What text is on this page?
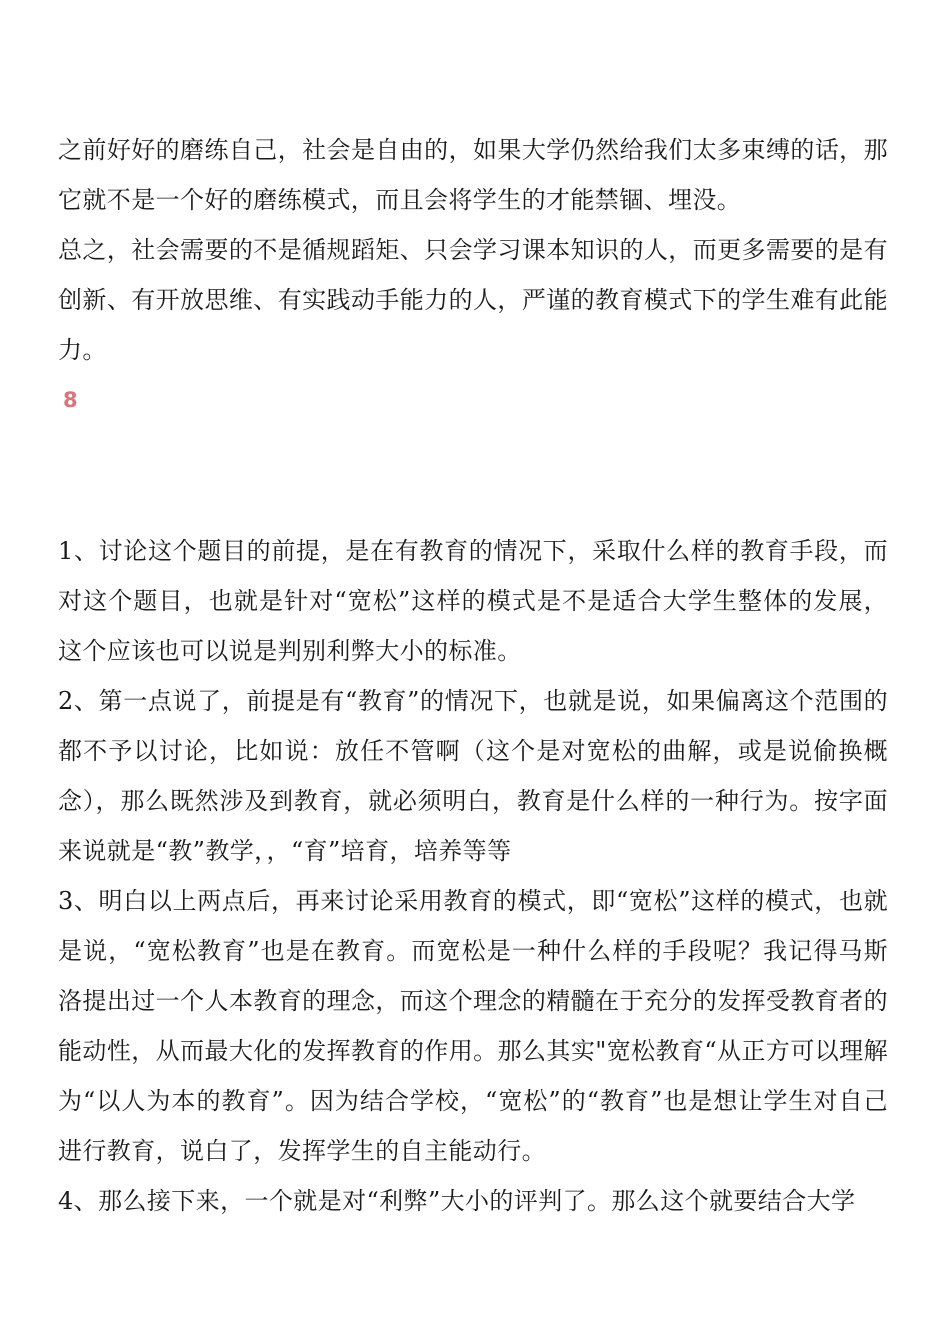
之前好好的磨练自己，社会是自由的，如果大学仍然给我们太多束缚的话，那它就不是一个好的磨练模式，而且会将学生的才能禁锢、埋没。

总之，社会需要的不是循规蹈矩、只会学习课本知识的人，而更多需要的是有创新、有开放思维、有实践动手能力的人，严谨的教育模式下的学生难有此能力。

8

1、讨论这个题目的前提，是在有教育的情况下，采取什么样的教育手段，而对这个题目，也就是针对“宽松”这样的模式是不是适合大学生整体的发展，这个应该也可以说是判别利弊大小的标准。

2、第一点说了，前提是有“教育”的情况下，也就是说，如果偏离这个范围的都不予以讨论，比如说：放任不管啊（这个是对宽松的曲解，或是说偷换概念），那么既然涉及到教育，就必须明白，教育是什么样的一种行为。按字面来说就是“教”教学，，“育”培育，培养等等

3、明白以上两点后，再来讨论采用教育的模式，即“宽松”这样的模式，也就是说，“宽松教育”也是在教育。而宽松是一种什么样的手段呢？我记得马斯洛提出过一个人本教育的理念，而这个理念的精髓在于充分的发挥受教育者的能动性，从而最大化的发挥教育的作用。那么其实"宽松教育“从正方可以理解为“以人为本的教育”。因为结合学校，“宽松”的“教育”也是想让学生对自己进行教育，说白了，发挥学生的自主能动行。

4、那么接下来，一个就是对“利弊”大小的评判了。那么这个就要结合大学
